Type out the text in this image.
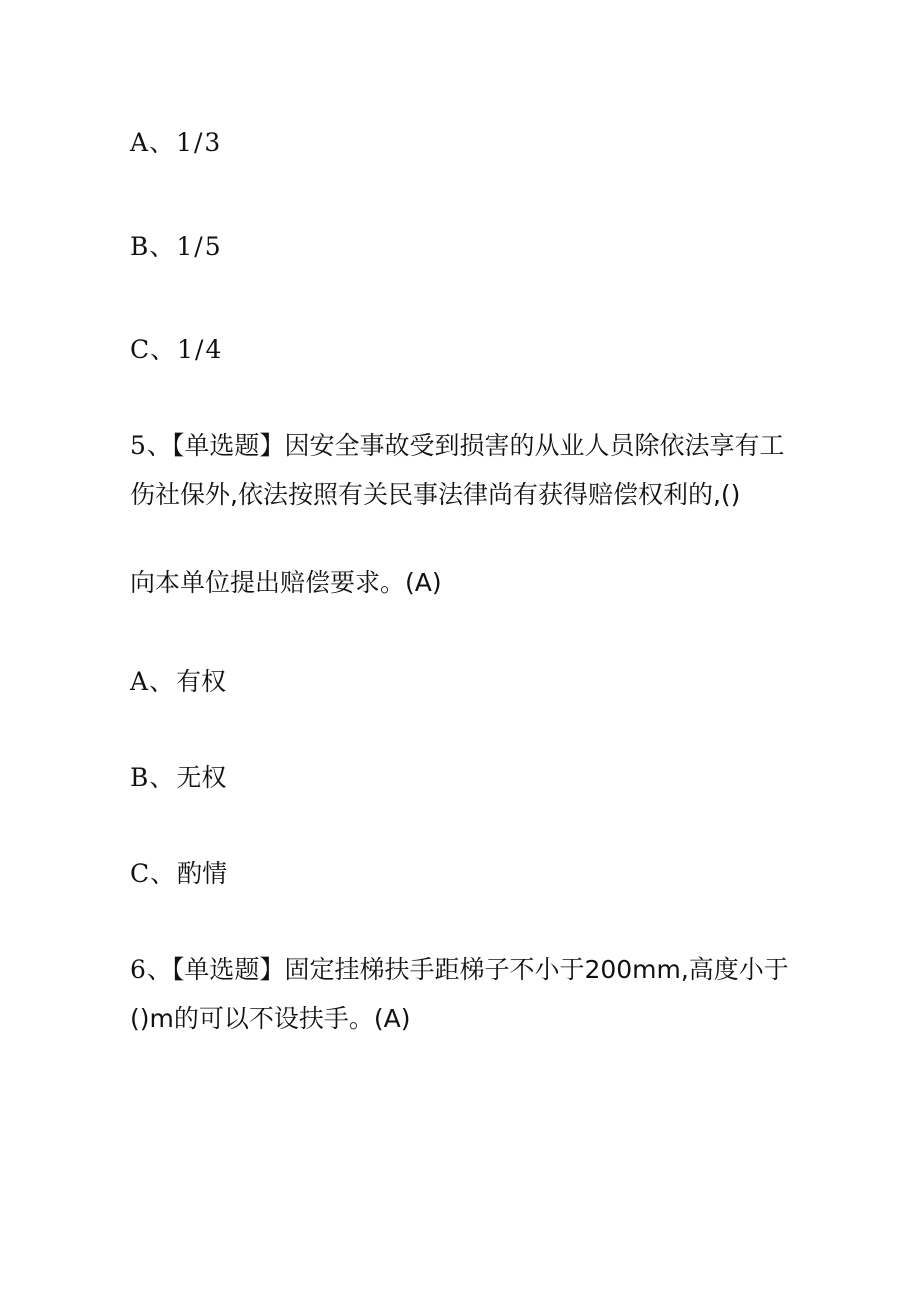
A、1/3
B、1/5
C、1/4
5、【单选题】因安全事故受到损害的从业人员除依法享有工
伤社保外,依法按照有关民事法律尚有获得赔偿权利的,()
向本单位提出赔偿要求。(A)
A、有权
B、无权
C、酌情
6、【单选题】固定挂梯扶手距梯子不小于200mm,高度小于
()m的可以不设扶手。(A)
